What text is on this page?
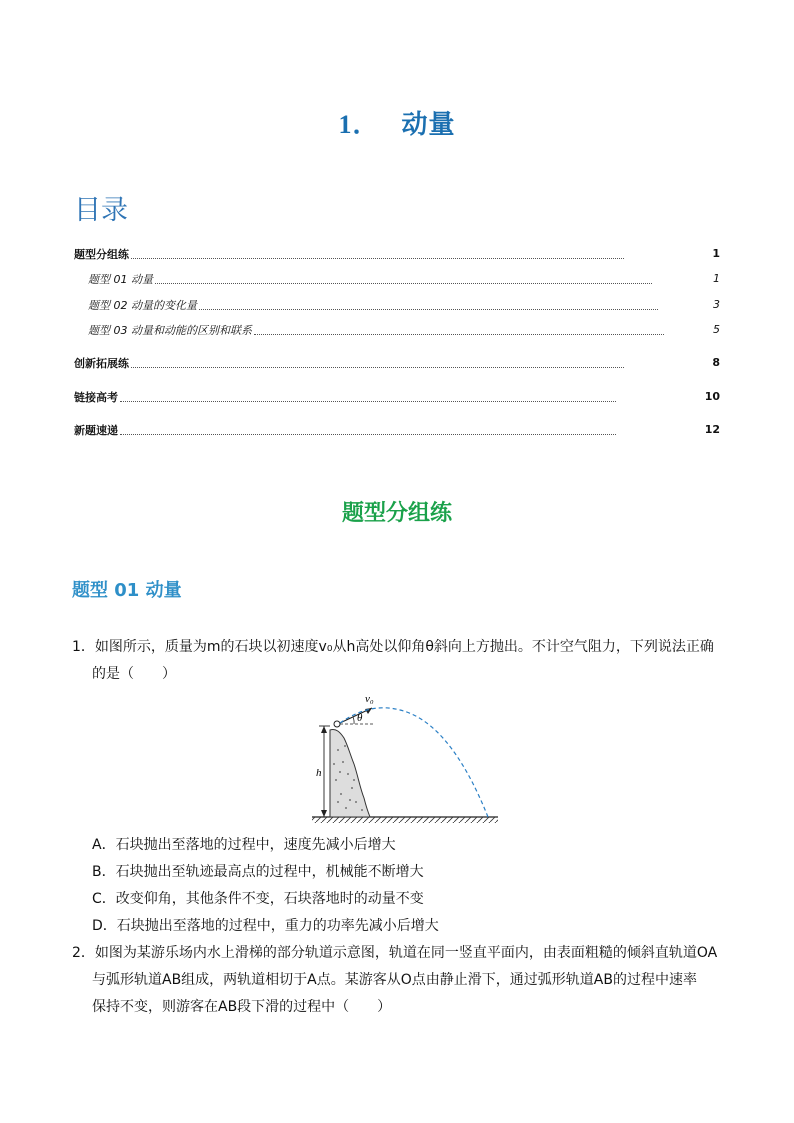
1． 动量
目录
题型分组练	1
题型 01 动量	1
题型 02 动量的变化量	3
题型 03 动量和动能的区别和联系	5
创新拓展练	8
链接高考	10
新题速递	12
题型分组练
题型 01 动量
1．如图所示，质量为m的石块以初速度v₀从h高处以仰角θ斜向上方抛出。不计空气阻力，下列说法正确
的是（　　）
h
v₀
θ
A．石块抛出至落地的过程中，速度先减小后增大
B．石块抛出至轨迹最高点的过程中，机械能不断增大
C．改变仰角，其他条件不变，石块落地时的动量不变
D．石块抛出至落地的过程中，重力的功率先减小后增大
2．如图为某游乐场内水上滑梯的部分轨道示意图，轨道在同一竖直平面内，由表面粗糙的倾斜直轨道OA
与弧形轨道AB组成，两轨道相切于A点。某游客从O点由静止滑下，通过弧形轨道AB的过程中速率
保持不变，则游客在AB段下滑的过程中（　　）
